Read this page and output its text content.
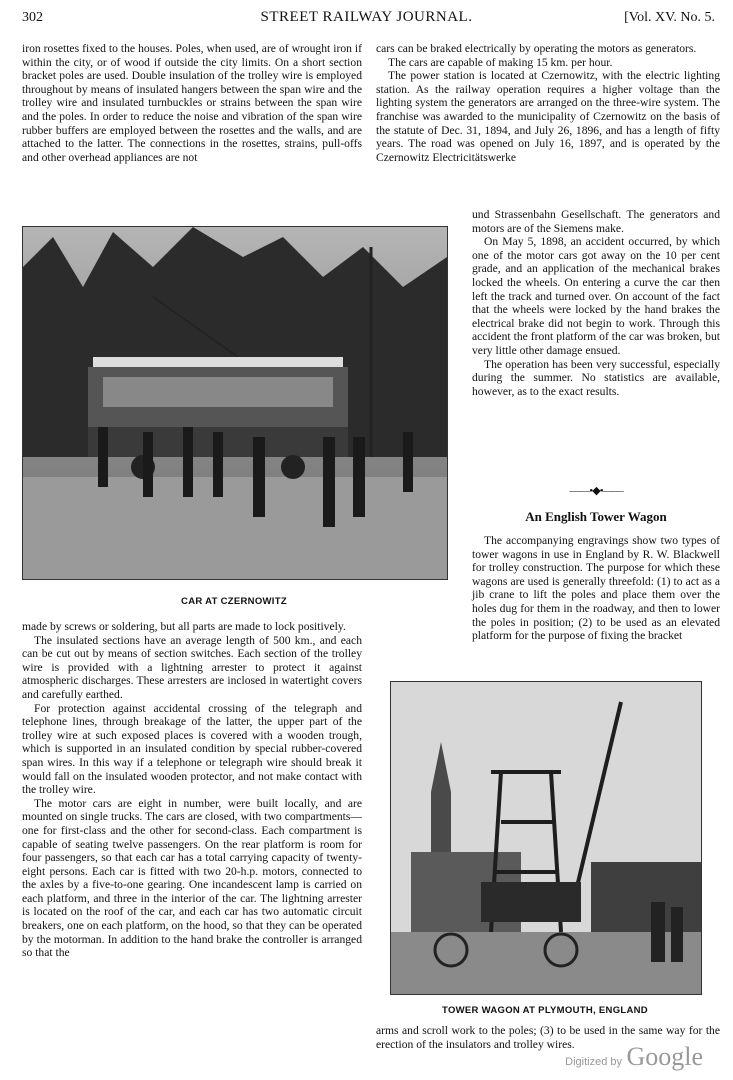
302	STREET RAILWAY JOURNAL.	[Vol. XV. No. 5.

iron rosettes fixed to the houses. Poles, when used, are of wrought iron if within the city, or of wood if outside the city limits. On a short section bracket poles are used. Double insulation of the trolley wire is employed throughout by means of insulated hangers between the span wire and the trolley wire and insulated turnbuckles or strains between the span wire and the poles. In order to reduce the noise and vibration of the span wire rubber buffers are employed between the rosettes and the walls, and are attached to the latter. The connections in the rosettes, strains, pull-offs and other overhead appliances are not

CAR AT CZERNOWITZ

made by screws or soldering, but all parts are made to lock positively.

The insulated sections have an average length of 500 km., and each can be cut out by means of section switches. Each section of the trolley wire is provided with a lightning arrester to protect it against atmospheric discharges. These arresters are inclosed in watertight covers and carefully earthed.

For protection against accidental crossing of the telegraph and telephone lines, through breakage of the latter, the upper part of the trolley wire at such exposed places is covered with a wooden trough, which is supported in an insulated condition by special rubber-covered span wires. In this way if a telephone or telegraph wire should break it would fall on the insulated wooden protector, and not make contact with the trolley wire.

The motor cars are eight in number, were built locally, and are mounted on single trucks. The cars are closed, with two compartments—one for first-class and the other for second-class. Each compartment is capable of seating twelve passengers. On the rear platform is room for four passengers, so that each car has a total carrying capacity of twenty-eight persons. Each car is fitted with two 20-h.p. motors, connected to the axles by a five-to-one gearing. One incandescent lamp is carried on each platform, and three in the interior of the car. The lightning arrester is located on the roof of the car, and each car has two automatic circuit breakers, one on each platform, on the hood, so that they can be operated by the motorman. In addition to the hand brake the controller is arranged so that the

cars can be braked electrically by operating the motors as generators.

The cars are capable of making 15 km. per hour.

The power station is located at Czernowitz, with the electric lighting station. As the railway operation requires a higher voltage than the lighting system the generators are arranged on the three-wire system. The franchise was awarded to the municipality of Czernowitz on the basis of the statute of Dec. 31, 1894, and July 26, 1896, and has a length of fifty years. The road was opened on July 16, 1897, and is operated by the Czernowitz Electricitätswerke

und Strassenbahn Gesellschaft. The generators and motors are of the Siemens make.

On May 5, 1898, an accident occurred, by which one of the motor cars got away on the 10 per cent grade, and an application of the mechanical brakes locked the wheels. On entering a curve the car then left the track and turned over. On account of the fact that the wheels were locked by the hand brakes the electrical brake did not begin to work. Through this accident the front platform of the car was broken, but very little other damage ensued.

The operation has been very successful, especially during the summer. No statistics are available, however, as to the exact results.

——•◆•——
An English Tower Wagon

The accompanying engravings show two types of tower wagons in use in England by R. W. Blackwell for trolley construction. The purpose for which these wagons are used is generally threefold: (1) to act as a jib crane to lift the poles and place them over the holes dug for them in the roadway, and then to lower the poles in position; (2) to be used as an elevated platform for the purpose of fixing the bracket

TOWER WAGON AT PLYMOUTH, ENGLAND

arms and scroll work to the poles; (3) to be used in the same way for the erection of the insulators and trolley wires.

Digitized by Google
